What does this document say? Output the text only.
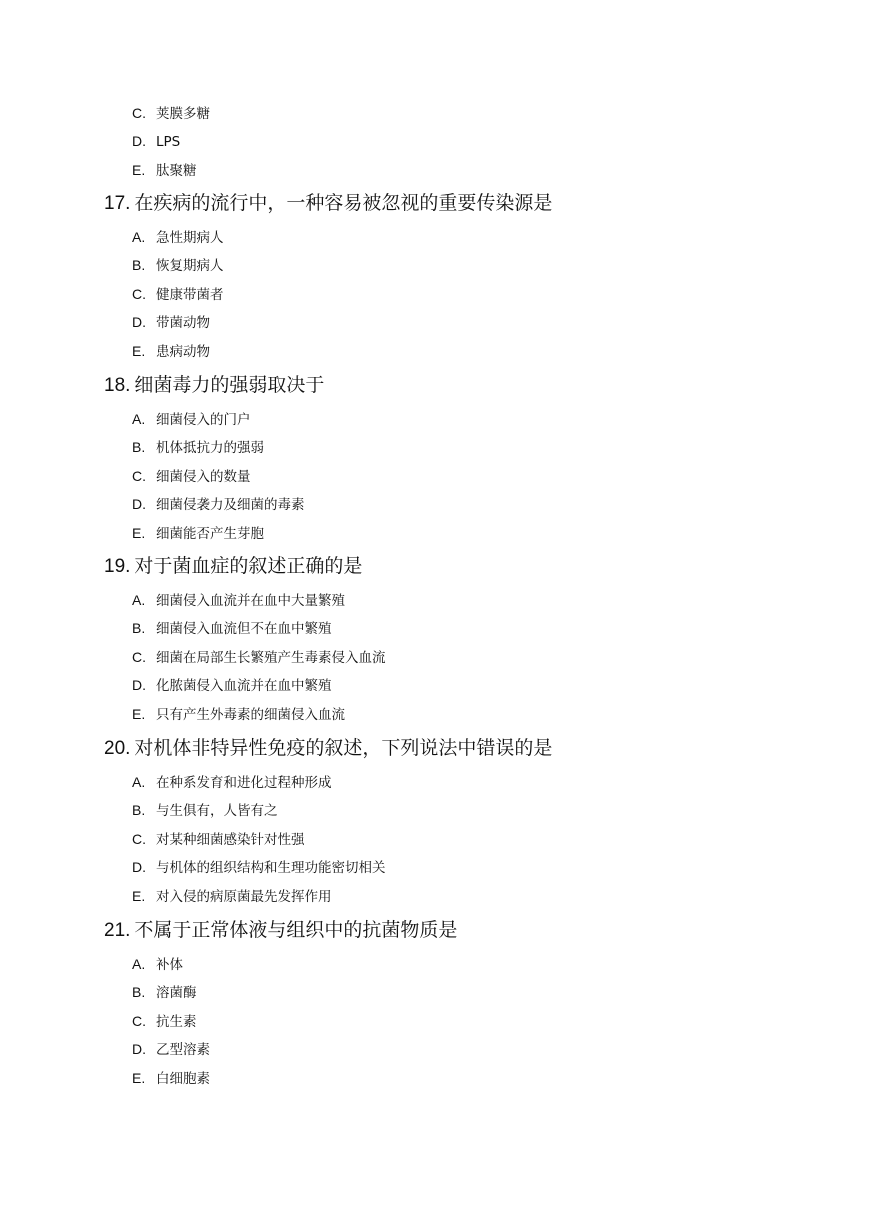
C. 荚膜多糖
D. LPS
E. 肽聚糖
17. 在疾病的流行中，一种容易被忽视的重要传染源是
A. 急性期病人
B. 恢复期病人
C. 健康带菌者
D. 带菌动物
E. 患病动物
18. 细菌毒力的强弱取决于
A. 细菌侵入的门户
B. 机体抵抗力的强弱
C. 细菌侵入的数量
D. 细菌侵袭力及细菌的毒素
E. 细菌能否产生芽胞
19. 对于菌血症的叙述正确的是
A. 细菌侵入血流并在血中大量繁殖
B. 细菌侵入血流但不在血中繁殖
C. 细菌在局部生长繁殖产生毒素侵入血流
D. 化脓菌侵入血流并在血中繁殖
E. 只有产生外毒素的细菌侵入血流
20. 对机体非特异性免疫的叙述，下列说法中错误的是
A. 在种系发育和进化过程种形成
B. 与生俱有，人皆有之
C. 对某种细菌感染针对性强
D. 与机体的组织结构和生理功能密切相关
E. 对入侵的病原菌最先发挥作用
21. 不属于正常体液与组织中的抗菌物质是
A. 补体
B. 溶菌酶
C. 抗生素
D. 乙型溶素
E. 白细胞素
